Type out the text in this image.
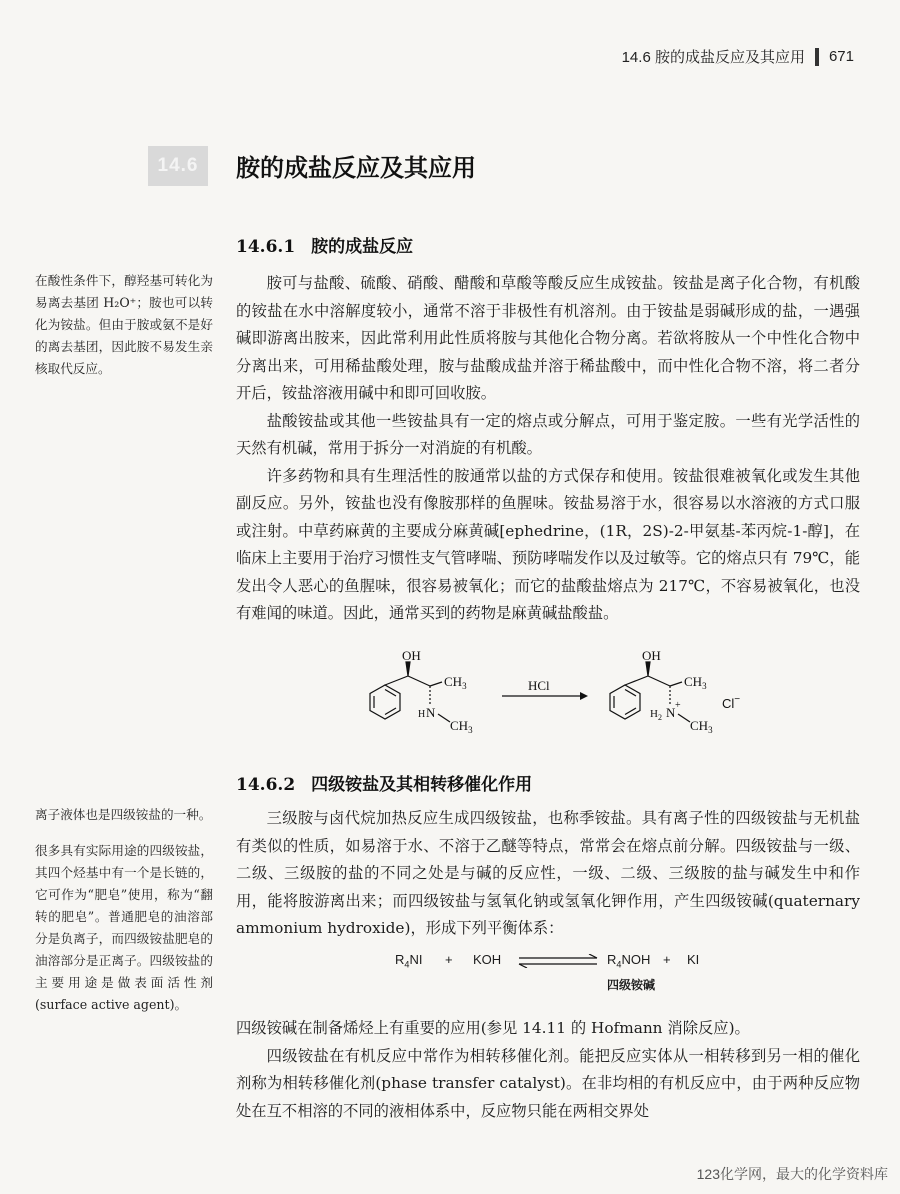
14.6 胺的成盐反应及其应用 671
14.6	胺的成盐反应及其应用
14.6.1 胺的成盐反应

胺可与盐酸、硫酸、硝酸、醋酸和草酸等酸反应生成铵盐。铵盐是离子化合物，有机酸的铵盐在水中溶解度较小，通常不溶于非极性有机溶剂。由于铵盐是弱碱形成的盐，一遇强碱即游离出胺来，因此常利用此性质将胺与其他化合物分离。若欲将胺从一个中性化合物中分离出来，可用稀盐酸处理，胺与盐酸成盐并溶于稀盐酸中，而中性化合物不溶，将二者分开后，铵盐溶液用碱中和即可回收胺。

盐酸铵盐或其他一些铵盐具有一定的熔点或分解点，可用于鉴定胺。一些有光学活性的天然有机碱，常用于拆分一对消旋的有机酸。

许多药物和具有生理活性的胺通常以盐的方式保存和使用。铵盐很难被氧化或发生其他副反应。另外，铵盐也没有像胺那样的鱼腥味。铵盐易溶于水，很容易以水溶液的方式口服或注射。中草药麻黄的主要成分麻黄碱[ephedrine，(1R，2S)-2-甲氨基-苯丙烷-1-醇]，在临床上主要用于治疗习惯性支气管哮喘、预防哮喘发作以及过敏等。它的熔点只有 79℃，能发出令人恶心的鱼腥味，很容易被氧化；而它的盐酸盐熔点为 217℃，不容易被氧化，也没有难闻的味道。因此，通常买到的药物是麻黄碱盐酸盐。

OH
$CH_3$
H N
$CH_3$
HCl
OH
$CH_3$
$H_2$ N +
$CH_3$
Cl−
14.6.2 四级铵盐及其相转移催化作用

三级胺与卤代烷加热反应生成四级铵盐，也称季铵盐。具有离子性的四级铵盐与无机盐有类似的性质，如易溶于水、不溶于乙醚等特点，常常会在熔点前分解。四级铵盐与一级、二级、三级胺的盐的不同之处是与碱的反应性，一级、二级、三级胺的盐与碱发生中和作用，能将胺游离出来；而四级铵盐与氢氧化钠或氢氧化钾作用，产生四级铵碱(quaternary ammonium hydroxide)，形成下列平衡体系：

$R_4NI$ + KOH	$R_4NOH$ + KI
四级铵碱

四级铵碱在制备烯烃上有重要的应用(参见 14.11 的 Hofmann 消除反应)。

四级铵盐在有机反应中常作为相转移催化剂。能把反应实体从一相转移到另一相的催化剂称为相转移催化剂(phase transfer catalyst)。在非均相的有机反应中，由于两种反应物处在互不相溶的不同的液相体系中，反应物只能在两相交界处

在酸性条件下，醇羟基可转化为易离去基团 H₂O⁺；胺也可以转化为铵盐。但由于胺或氨不是好的离去基团，因此胺不易发生亲核取代反应。

离子液体也是四级铵盐的一种。

很多具有实际用途的四级铵盐，其四个烃基中有一个是长链的，它可作为“肥皂”使用，称为“翻转的肥皂”。普通肥皂的油溶部分是负离子，而四级铵盐肥皂的油溶部分是正离子。四级铵盐的主要用途是做表面活性剂(surface active agent)。

123化学网，最大的化学资料库
